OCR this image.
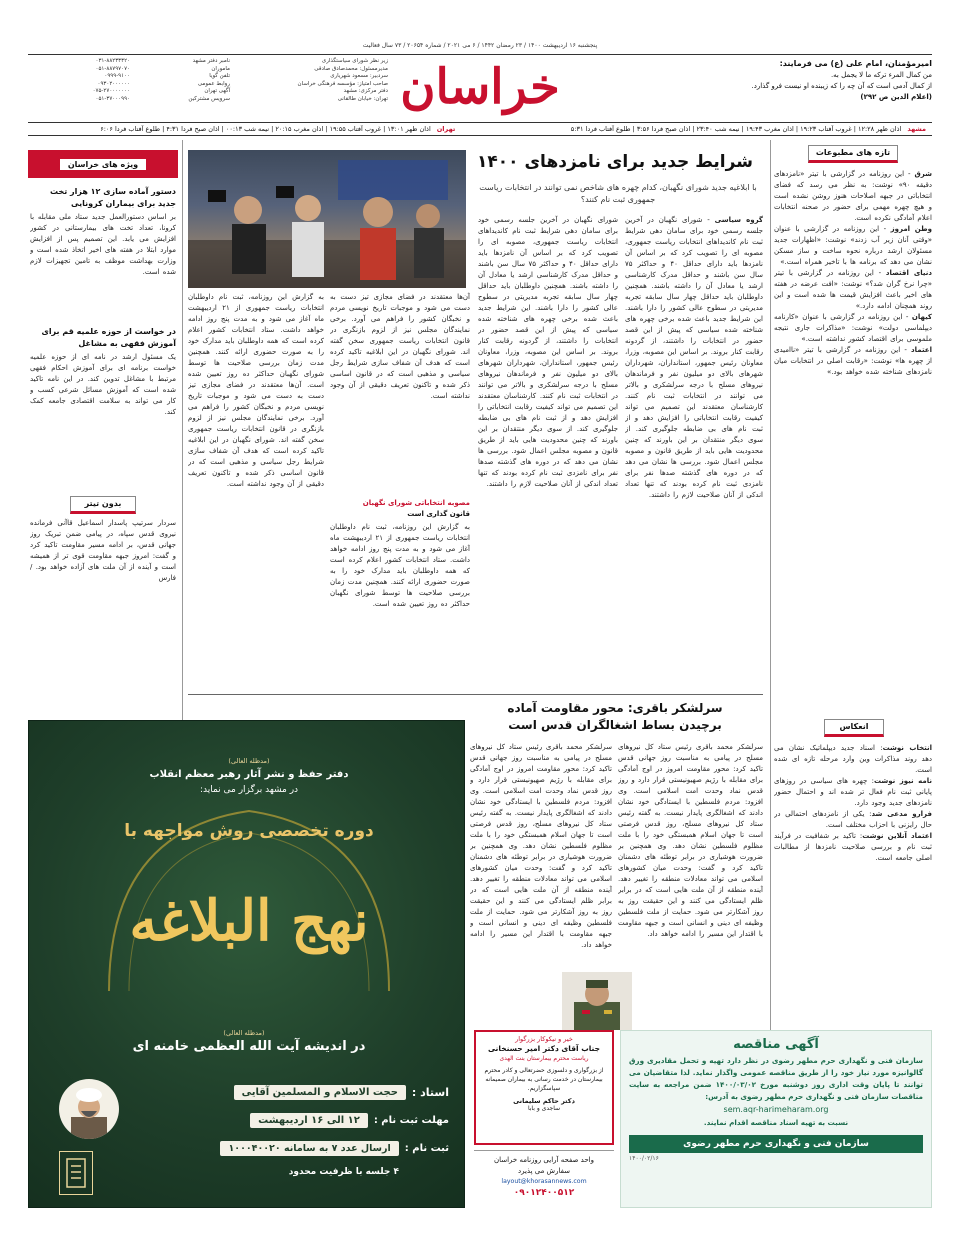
پنجشنبه ۱۶ اردیبهشت ۱۴۰۰ / ۲۳ رمضان ۱۴۴۲ / ۶ می ۲۰۲۱ / شماره ۲۰۶۵۴ / ۷۳ سال فعالیت
امیرمؤمنان، امام علی (ع) می فرمایند:
من کمال المرء ترکه ما لا یجمل به.
از کمال آدمی است که آن چه را که زیبنده او نیست فرو گذارد.
(اعلام الدین ص ۲۹۲)
خراسان
زیر نظر شورای سیاستگذاری
مدیرمسئول: محمدصادق صادقی
سردبیر: مسعود شهریاری
صاحب امتیاز: مؤسسه فرهنگی خراسان
دفتر مرکزی: مشهد
تهران: خیابان طالقانی
نامبر دفتر مشهد
ماموران
تلفن گویا
روابط عمومی
آگهی تهران
سرویس مشترکین
۰۳۱-۸۸۲۳۳۳۲۰
۰۵۱-۸۸۷۹۷۰۷۰
۰۹۹۹-۹۱۰۰
۰۹۳۰۲۰۰۰۰۰۰
۰۷۵-۲۷۰۰۰۰۰۰۰
۰۵۱-۳۷۰۰۰۹۹۰
مشهد
اذان ظهر ۱۲:۲۸ | غروب آفتاب ۱۹:۲۳ | اذان مغرب ۱۹:۴۳ | نیمه شب ۲۳:۴۰ | اذان صبح فردا ۳:۵۶ | طلوع آفتاب فردا ۵:۳۱
تهران
اذان ظهر ۱۳:۰۱ | غروب آفتاب ۱۹:۵۵ | اذان مغرب ۲۰:۱۵ | نیمه شب ۰۰:۱۳ | اذان صبح فردا ۴:۳۱ | طلوع آفتاب فردا ۶:۰۶
تازه های مطبوعات

شرق - این روزنامه در گزارشی با تیتر «نامزدهای دقیقه ۹۰» نوشت: به نظر می رسد که فضای انتخاباتی در جبهه اصلاحات هنوز روشن نشده است و هیچ چهره مهمی برای حضور در صحنه انتخابات اعلام آمادگی نکرده است.

وطن امروز - این روزنامه در گزارشی با عنوان «وقتی آنان زیر آب زدند» نوشت: «اظهارات جدید مسئولان ارشد درباره نحوه ساخت و ساز مسکن نشان می دهد که برنامه ها با تاخیر همراه است.»

دنیای اقتصاد - این روزنامه در گزارشی با تیتر «چرا نرخ گران شد؟» نوشت: «افت عرضه در هفته های اخیر باعث افزایش قیمت ها شده است و این روند همچنان ادامه دارد.»

کیهان - این روزنامه در گزارشی با عنوان «کارنامه دیپلماسی دولت» نوشت: «مذاکرات جاری نتیجه ملموسی برای اقتصاد کشور نداشته است.»

اعتماد - این روزنامه در گزارشی با تیتر «ناامیدی از چهره ها» نوشت: «رقابت اصلی در انتخابات میان نامزدهای شناخته شده خواهد بود.»

انعکاس

انتخاب نوشت: اسناد جدید دیپلماتیک نشان می دهد روند مذاکرات وین وارد مرحله تازه ای شده است.

نامه نیوز نوشت: چهره های سیاسی در روزهای پایانی ثبت نام فعال تر شده اند و احتمال حضور نامزدهای جدید وجود دارد.

فرارو مدعی شد: یکی از نامزدهای احتمالی در حال رایزنی با احزاب مختلف است.

اعتماد آنلاین نوشت: تاکید بر شفافیت در فرآیند ثبت نام و بررسی صلاحیت نامزدها از مطالبات اصلی جامعه است.

شرایط جدید برای نامزدهای ۱۴۰۰
با ابلاغیه جدید شورای نگهبان، کدام چهره های شاخص نمی توانند در انتخابات ریاست جمهوری ثبت نام کنند؟
گروه سیاسی - شورای نگهبان در آخرین جلسه رسمی خود برای سامان دهی شرایط ثبت نام کاندیداهای انتخابات ریاست جمهوری، مصوبه ای را تصویب کرد که بر اساس آن نامزدها باید دارای حداقل ۴۰ و حداکثر ۷۵ سال سن باشند و حداقل مدرک کارشناسی ارشد یا معادل آن را داشته باشند. همچنین داوطلبان باید حداقل چهار سال سابقه تجربه مدیریتی در سطوح عالی کشور را دارا باشند. این شرایط جدید باعث شده برخی چهره های شناخته شده سیاسی که پیش از این قصد حضور در انتخابات را داشتند، از گردونه رقابت کنار بروند. بر اساس این مصوبه، وزرا، معاونان رئیس جمهور، استانداران، شهرداران شهرهای بالای دو میلیون نفر و فرماندهان نیروهای مسلح با درجه سرلشکری و بالاتر می توانند در انتخابات ثبت نام کنند. کارشناسان معتقدند این تصمیم می تواند کیفیت رقابت انتخاباتی را افزایش دهد و از ثبت نام های بی ضابطه جلوگیری کند. از سوی دیگر منتقدان بر این باورند که چنین محدودیت هایی باید از طریق قانون و مصوبه مجلس اعمال شود. بررسی ها نشان می دهد که در دوره های گذشته صدها نفر برای نامزدی ثبت نام کرده بودند که تنها تعداد اندکی از آنان صلاحیت لازم را داشتند.
شورای نگهبان در آخرین جلسه رسمی خود برای سامان دهی شرایط ثبت نام کاندیداهای انتخابات ریاست جمهوری، مصوبه ای را تصویب کرد که بر اساس آن نامزدها باید دارای حداقل ۴۰ و حداکثر ۷۵ سال سن باشند و حداقل مدرک کارشناسی ارشد یا معادل آن را داشته باشند. همچنین داوطلبان باید حداقل چهار سال سابقه تجربه مدیریتی در سطوح عالی کشور را دارا باشند. این شرایط جدید باعث شده برخی چهره های شناخته شده سیاسی که پیش از این قصد حضور در انتخابات را داشتند، از گردونه رقابت کنار بروند. بر اساس این مصوبه، وزرا، معاونان رئیس جمهور، استانداران، شهرداران شهرهای بالای دو میلیون نفر و فرماندهان نیروهای مسلح با درجه سرلشکری و بالاتر می توانند در انتخابات ثبت نام کنند. کارشناسان معتقدند این تصمیم می تواند کیفیت رقابت انتخاباتی را افزایش دهد و از ثبت نام های بی ضابطه جلوگیری کند. از سوی دیگر منتقدان بر این باورند که چنین محدودیت هایی باید از طریق قانون و مصوبه مجلس اعمال شود. بررسی ها نشان می دهد که در دوره های گذشته صدها نفر برای نامزدی ثبت نام کرده بودند که تنها تعداد اندکی از آنان صلاحیت لازم را داشتند.
آن‌ها معتقدند در فضای مجازی تیز دست به دست می شود و موجبات تاریخ نویسی مردم و نخبگان کشور را فراهم می آورد. برخی نمایندگان مجلس نیز از لزوم بازنگری در قانون انتخابات ریاست جمهوری سخن گفته اند. شورای نگهبان در این ابلاغیه تاکید کرده است که هدف آن شفاف سازی شرایط رجل سیاسی و مذهبی است که در قانون اساسی ذکر شده و تاکنون تعریف دقیقی از آن وجود نداشته است.
مصوبه انتخاباتی شورای نگهبان
قانون گذاری است
به گزارش این روزنامه، ثبت نام داوطلبان انتخابات ریاست جمهوری از ۲۱ اردیبهشت ماه آغاز می شود و به مدت پنج روز ادامه خواهد داشت. ستاد انتخابات کشور اعلام کرده است که همه داوطلبان باید مدارک خود را به صورت حضوری ارائه کنند. همچنین مدت زمان بررسی صلاحیت ها توسط شورای نگهبان حداکثر ده روز تعیین شده است.
به گزارش این روزنامه، ثبت نام داوطلبان انتخابات ریاست جمهوری از ۲۱ اردیبهشت ماه آغاز می شود و به مدت پنج روز ادامه خواهد داشت. ستاد انتخابات کشور اعلام کرده است که همه داوطلبان باید مدارک خود را به صورت حضوری ارائه کنند. همچنین مدت زمان بررسی صلاحیت ها توسط شورای نگهبان حداکثر ده روز تعیین شده است. آن‌ها معتقدند در فضای مجازی تیز دست به دست می شود و موجبات تاریخ نویسی مردم و نخبگان کشور را فراهم می آورد. برخی نمایندگان مجلس نیز از لزوم بازنگری در قانون انتخابات ریاست جمهوری سخن گفته اند. شورای نگهبان در این ابلاغیه تاکید کرده است که هدف آن شفاف سازی شرایط رجل سیاسی و مذهبی است که در قانون اساسی ذکر شده و تاکنون تعریف دقیقی از آن وجود نداشته است.
سرلشکر باقری: محور مقاومت آماده
برچیدن بساط اشغالگران قدس است
سرلشکر محمد باقری رئیس ستاد کل نیروهای مسلح در پیامی به مناسبت روز جهانی قدس تاکید کرد: محور مقاومت امروز در اوج آمادگی برای مقابله با رژیم صهیونیستی قرار دارد و روز قدس نماد وحدت امت اسلامی است. وی افزود: مردم فلسطین با ایستادگی خود نشان دادند که اشغالگری پایدار نیست. به گفته رئیس ستاد کل نیروهای مسلح، روز قدس فرصتی است تا جهان اسلام همبستگی خود را با ملت مظلوم فلسطین نشان دهد. وی همچنین بر ضرورت هوشیاری در برابر توطئه های دشمنان تاکید کرد و گفت: وحدت میان کشورهای اسلامی می تواند معادلات منطقه را تغییر دهد. آینده منطقه از آن ملت هایی است که در برابر ظلم ایستادگی می کنند و این حقیقت روز به روز آشکارتر می شود. حمایت از ملت فلسطین وظیفه ای دینی و انسانی است و جبهه مقاومت با اقتدار این مسیر را ادامه خواهد داد.
سرلشکر محمد باقری رئیس ستاد کل نیروهای مسلح در پیامی به مناسبت روز جهانی قدس تاکید کرد: محور مقاومت امروز در اوج آمادگی برای مقابله با رژیم صهیونیستی قرار دارد و روز قدس نماد وحدت امت اسلامی است. وی افزود: مردم فلسطین با ایستادگی خود نشان دادند که اشغالگری پایدار نیست. به گفته رئیس ستاد کل نیروهای مسلح، روز قدس فرصتی است تا جهان اسلام همبستگی خود را با ملت مظلوم فلسطین نشان دهد. وی همچنین بر ضرورت هوشیاری در برابر توطئه های دشمنان تاکید کرد و گفت: وحدت میان کشورهای اسلامی می تواند معادلات منطقه را تغییر دهد. آینده منطقه از آن ملت هایی است که در برابر ظلم ایستادگی می کنند و این حقیقت روز به روز آشکارتر می شود. حمایت از ملت فلسطین وظیفه ای دینی و انسانی است و جبهه مقاومت با اقتدار این مسیر را ادامه خواهد داد.
ویژه های خراسان
دستور آماده سازی ۱۲ هزار تخت جدید برای بیماران کرونایی
بر اساس دستورالعمل جدید ستاد ملی مقابله با کرونا، تعداد تخت های بیمارستانی در کشور افزایش می یابد. این تصمیم پس از افزایش موارد ابتلا در هفته های اخیر اتخاذ شده است و وزارت بهداشت موظف به تامین تجهیزات لازم شده است.
در خواست از حوزه علمیه قم برای آموزش فقهی به مشاغل
یک مسئول ارشد در نامه ای از حوزه علمیه خواست برنامه ای برای آموزش احکام فقهی مرتبط با مشاغل تدوین کند. در این نامه تاکید شده است که آموزش مسائل شرعی کسب و کار می تواند به سلامت اقتصادی جامعه کمک کند.
بدون تیتر
سردار سرتیپ پاسدار اسماعیل قاآنی فرمانده نیروی قدس سپاه، در پیامی ضمن تبریک روز جهانی قدس، بر ادامه مسیر مقاومت تاکید کرد و گفت: امروز جبهه مقاومت قوی تر از همیشه است و آینده از آن ملت های آزاده خواهد بود. / فارس
(مدظله العالی)
دفتر حفظ و نشر آثار رهبر معظم انقلاب
در مشهد برگزار می نماید:
دوره تخصصی روش مواجهه با
نهج البلاغه
(مدظله العالی)
در اندیشه آیت الله العظمی خامنه ای
استاد :
حجت الاسلام و المسلمین آقایی
مهلت ثبت نام :
۱۲ الی ۱۶ اردیبهشت
ثبت نام :
ارسال عدد ۷ به سامانه ۱۰۰۰۴۰۰۲۰
۴ جلسه با ظرفیت محدود
خیر و نیکوکار بزرگوار
جناب آقای دکتر امیر حسنخانی
ریاست محترم بیمارستان بنت الهدی
از بزرگواری و دلسوزی حضرتعالی و کادر محترم بیمارستان در خدمت رسانی به بیماران صمیمانه سپاسگزاریم.
دکتر حاکم سلیمانی
ساجدی و بابا
واحد صفحه آرایی روزنامه خراسان
سفارش می پذیرد
layout@khorasannews.com
۰۹۰۱۲۴۰۰۵۱۲
آگهی مناقصه
سازمان فنی و نگهداری حرم مطهر رضوی در نظر دارد تهیه و تحمل مقادیری ورق گالوانیزه مورد نیاز خود را از طریق مناقصه عمومی واگذار نماید. لذا متقاضیان می توانند تا پایان وقت اداری روز دوشنبه مورخ ۱۴۰۰/۰۳/۰۲ ضمن مراجعه به سایت مناقصات سازمان فنی و نگهداری حرم مطهر رضوی به آدرس:
sem.aqr-harimeharam.org
نسبت به تهیه اسناد مناقصه اقدام نمایند.
سازمان فنی و نگهداری حرم مطهر رضوی
۱۴۰۰/۰۲/۱۶
